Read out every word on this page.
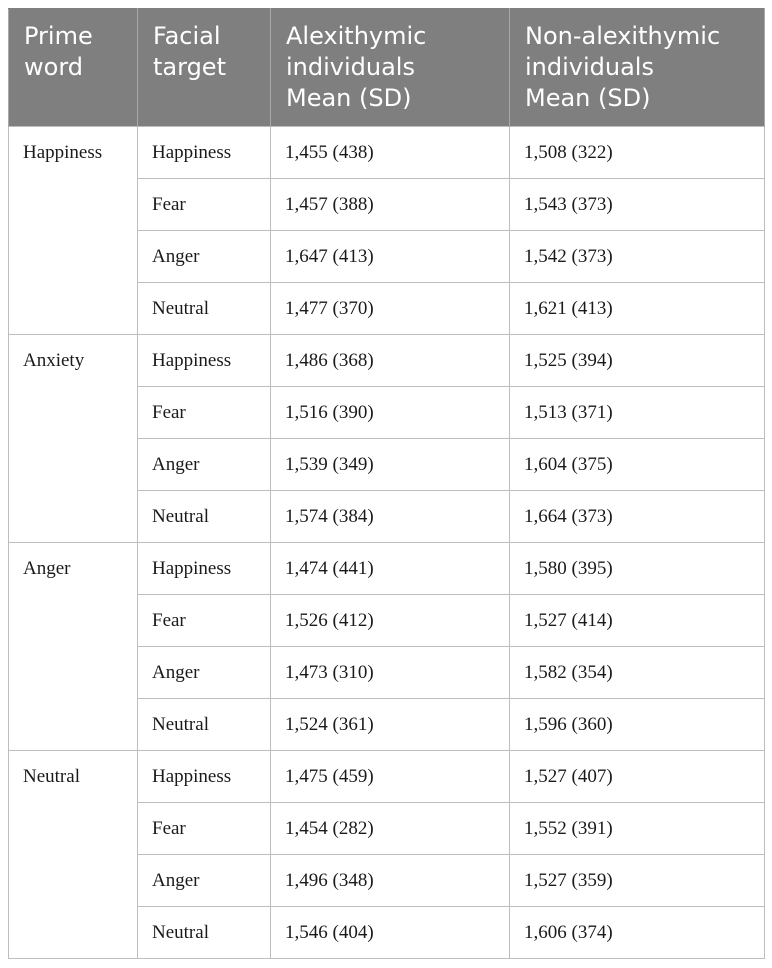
Prime
word	Facial
target	Alexithymic
individuals
Mean (SD)	Non-alexithymic
individuals
Mean (SD)
Happiness	Happiness	1,455 (438)	1,508 (322)
	Fear	1,457 (388)	1,543 (373)
	Anger	1,647 (413)	1,542 (373)
	Neutral	1,477 (370)	1,621 (413)
Anxiety	Happiness	1,486 (368)	1,525 (394)
	Fear	1,516 (390)	1,513 (371)
	Anger	1,539 (349)	1,604 (375)
	Neutral	1,574 (384)	1,664 (373)
Anger	Happiness	1,474 (441)	1,580 (395)
	Fear	1,526 (412)	1,527 (414)
	Anger	1,473 (310)	1,582 (354)
	Neutral	1,524 (361)	1,596 (360)
Neutral	Happiness	1,475 (459)	1,527 (407)
	Fear	1,454 (282)	1,552 (391)
	Anger	1,496 (348)	1,527 (359)
	Neutral	1,546 (404)	1,606 (374)
